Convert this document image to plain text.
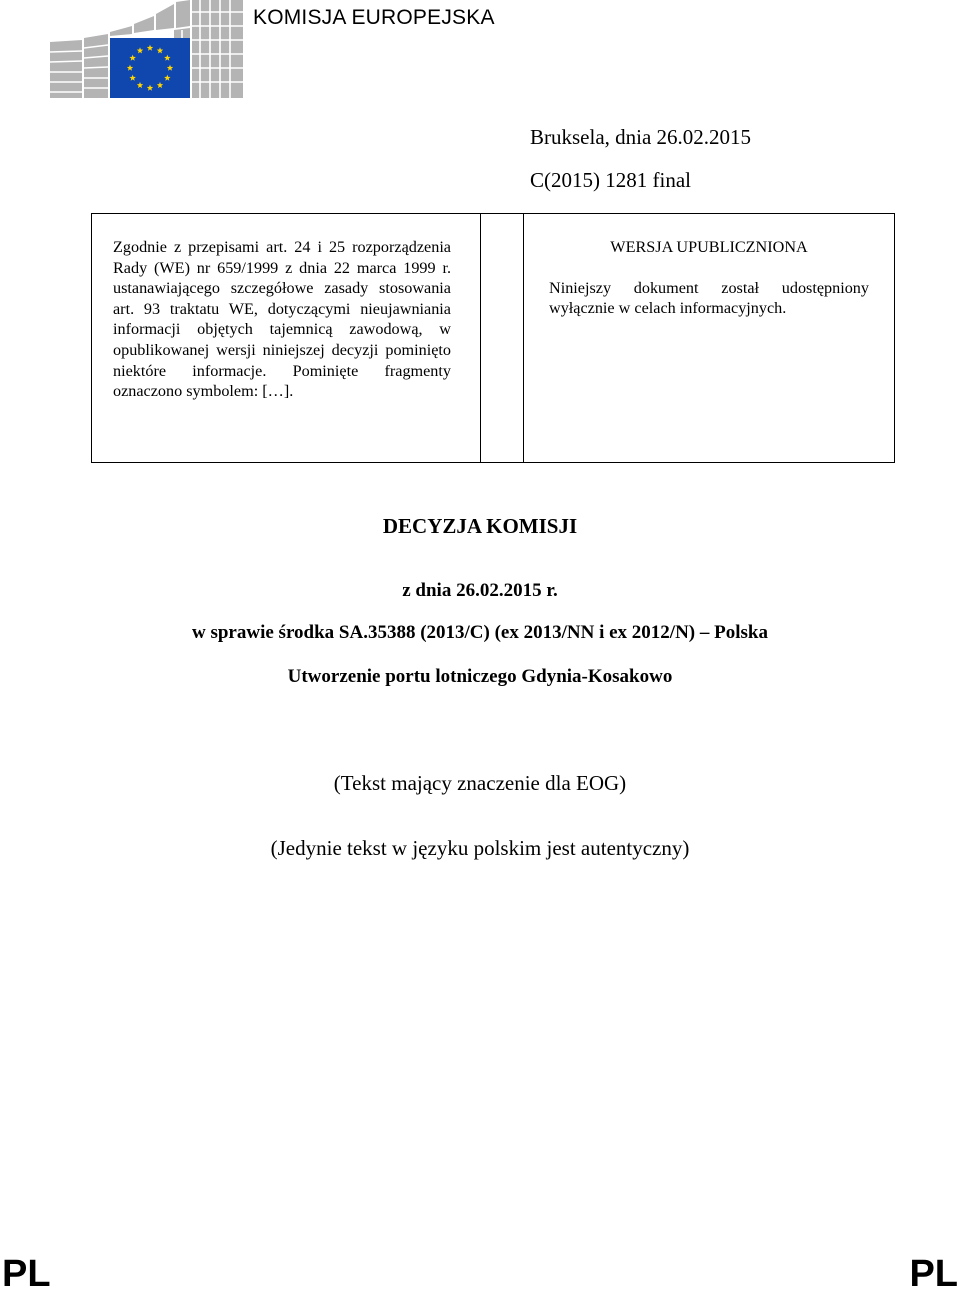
KOMISJA EUROPEJSKA
Bruksela, dnia 26.02.2015
C(2015) 1281 final
Zgodnie z przepisami art. 24 i 25 rozporządzenia Rady (WE) nr 659/1999 z dnia 22 marca 1999 r. ustanawiającego szczegółowe zasady stosowania art. 93 traktatu WE, dotyczącymi nieujawniania informacji objętych tajemnicą zawodową, w opublikowanej wersji niniejszej decyzji pominięto niektóre informacje. Pominięte fragmenty oznaczono symbolem: […].
WERSJA UPUBLICZNIONA
Niniejszy dokument został udostępniony wyłącznie w celach informacyjnych.
DECYZJA KOMISJI
z dnia 26.02.2015 r.
w sprawie środka SA.35388 (2013/C) (ex 2013/NN i ex 2012/N) – Polska
Utworzenie portu lotniczego Gdynia-Kosakowo
(Tekst mający znaczenie dla EOG)
(Jedynie tekst w języku polskim jest autentyczny)
PL	PL
